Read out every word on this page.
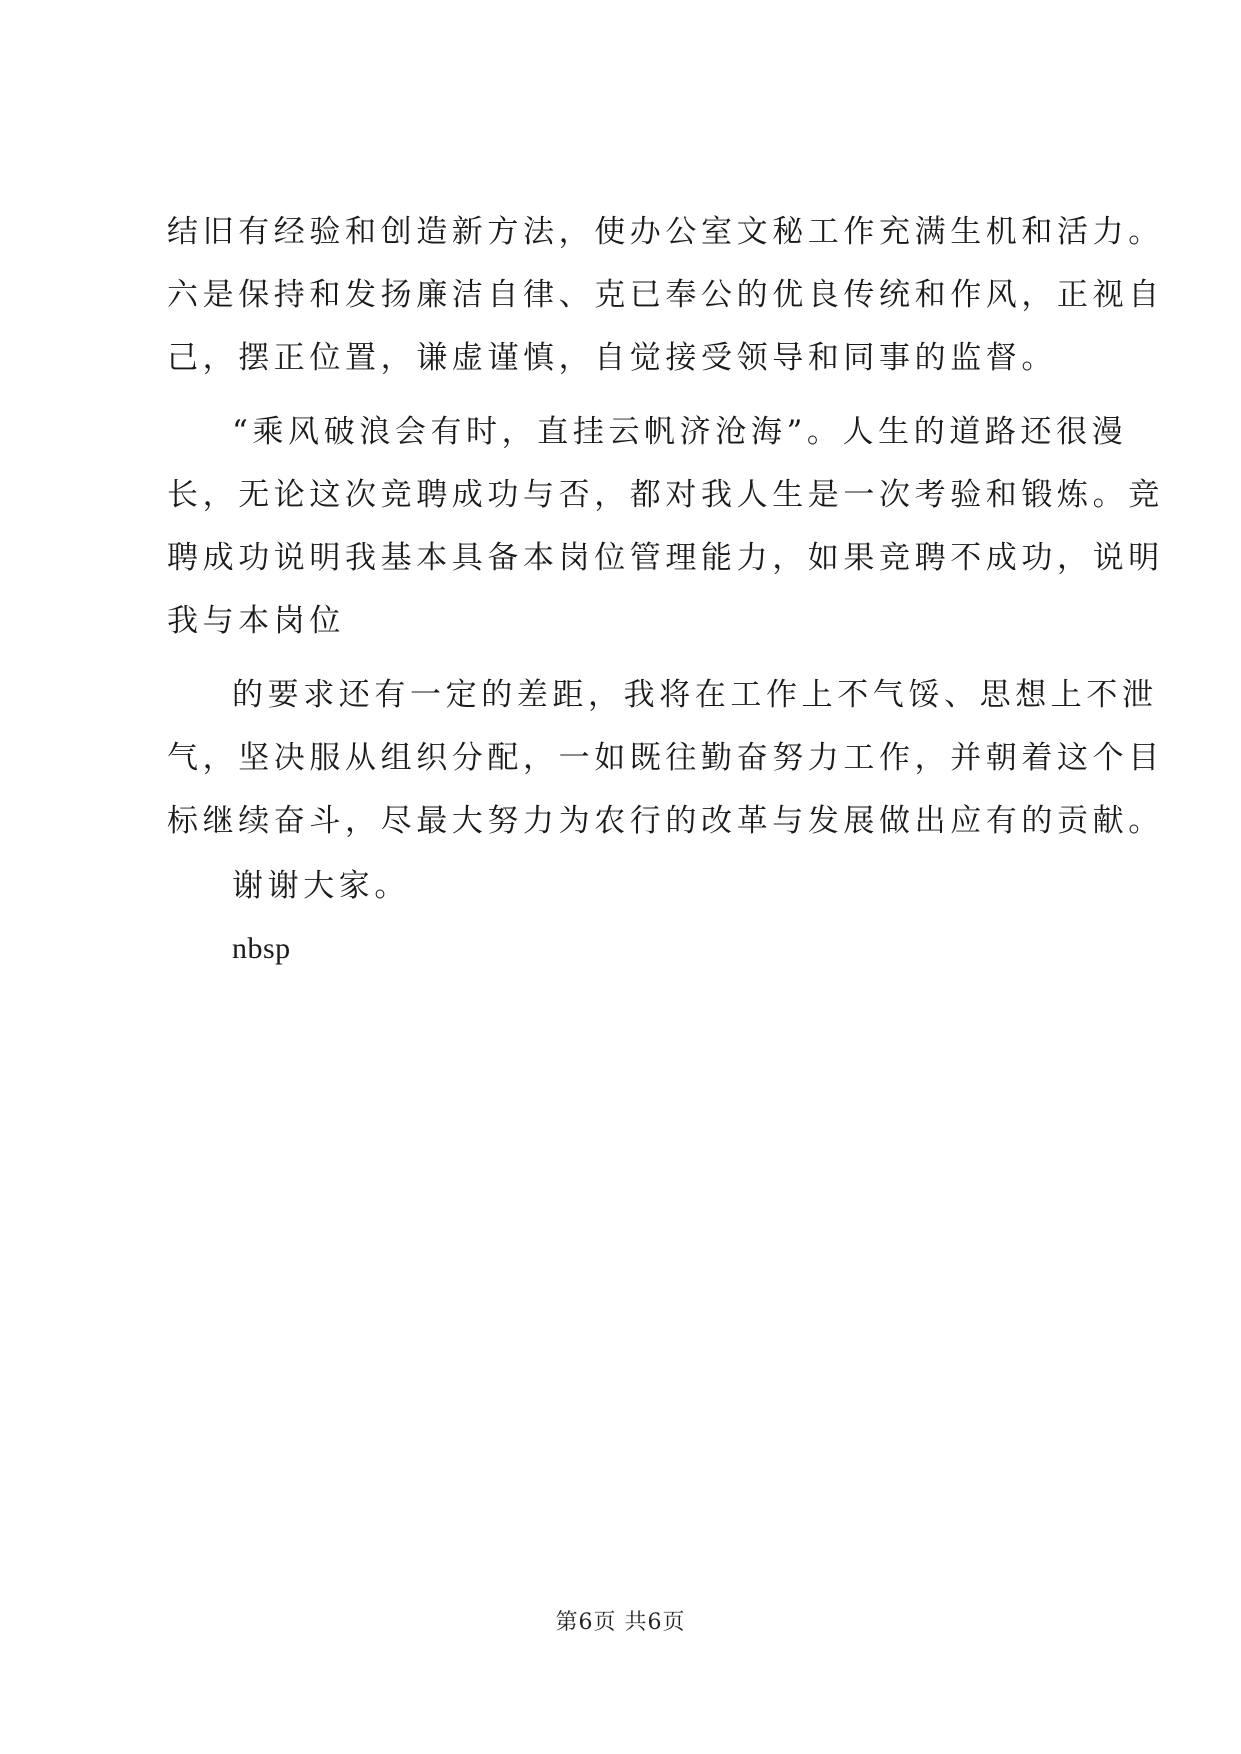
结旧有经验和创造新方法，使办公室文秘工作充满生机和活力。
六是保持和发扬廉洁自律、克已奉公的优良传统和作风，正视自
己，摆正位置，谦虚谨慎，自觉接受领导和同事的监督。
“乘风破浪会有时，直挂云帆济沧海”。人生的道路还很漫
长，无论这次竞聘成功与否，都对我人生是一次考验和锻炼。竞
聘成功说明我基本具备本岗位管理能力，如果竞聘不成功，说明
我与本岗位
的要求还有一定的差距，我将在工作上不气馁、思想上不泄
气，坚决服从组织分配，一如既往勤奋努力工作，并朝着这个目
标继续奋斗，尽最大努力为农行的改革与发展做出应有的贡献。
谢谢大家。
nbsp
第6页 共6页
